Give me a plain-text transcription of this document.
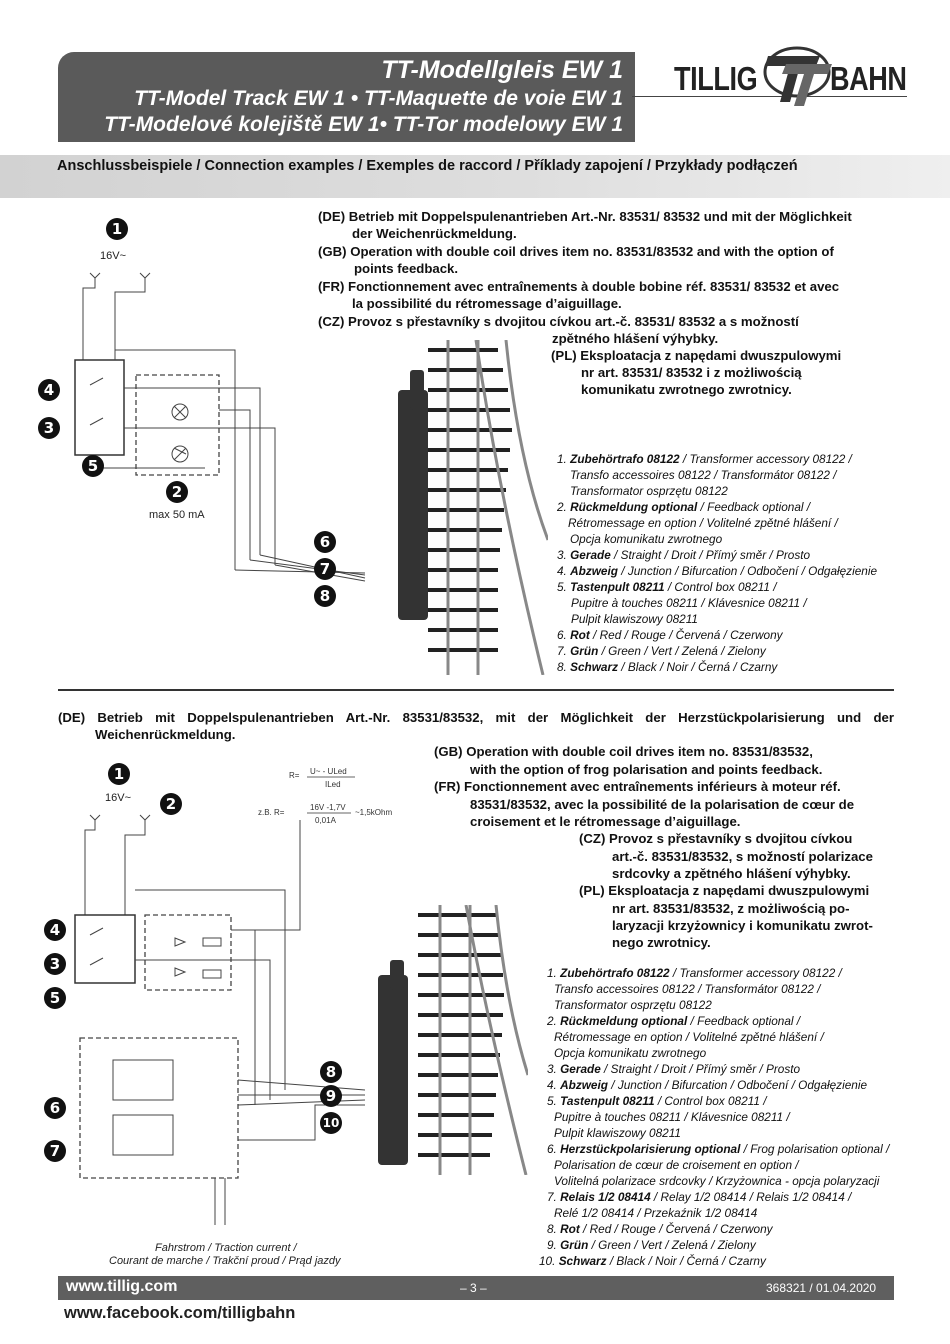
TT-Modellgleis EW 1
TT-Model Track EW 1 • TT-Maquette de voie EW 1
TT-Modelové kolejiště EW 1• TT-Tor modelowy EW 1
TILLIG BAHN
Anschlussbeispiele / Connection examples / Exemples de raccord / Příklady zapojení / Przykłady podłączeń
(DE) Betrieb mit Doppelspulenantrieben Art.-Nr. 83531/ 83532 und mit der Möglichkeit
der Weichenrückmeldung.
(GB) Operation with double coil drives item no. 83531/83532 and with the option of
points feedback.
(FR) Fonctionnement avec entraînements à double bobine réf. 83531/ 83532 et avec
la possibilité du rétromessage d’aiguillage.
(CZ) Provoz s přestavníky s dvojitou cívkou art.-č. 83531/ 83532 a s možností
zpětného hlášení výhybky.
(PL) Eksploatacja z napędami dwuszpulowymi
nr art. 83531/ 83532 i z możliwością
komunikatu zwrotnego zwrotnicy.
16V~
max 50 mA
1
4
3
5
2
6
7
8
1. Zubehörtrafo 08122 / Transformer accessory 08122 /
Transfo accessoires 08122 / Transformátor 08122 /
Transformator osprzętu 08122
2. Rückmeldung optional / Feedback optional /
Rétromessage en option / Volitelné zpětné hlášení /
Opcja komunikatu zwrotnego
3. Gerade / Straight / Droit / Přímý směr / Prosto
4. Abzweig / Junction / Bifurcation / Odbočení / Odgałęzienie
5. Tastenpult 08211 / Control box 08211 /
Pupitre à touches 08211 / Klávesnice 08211 /
Pulpit klawiszowy 08211
6. Rot / Red / Rouge / Červená / Czerwony
7. Grün / Green / Vert / Zelená / Zielony
8. Schwarz / Black / Noir / Černá / Czarny
(DE) Betrieb mit Doppelspulenantrieben Art.-Nr. 83531/83532, mit der Möglichkeit der Herzstückpolarisierung und der
Weichenrückmeldung.
(GB) Operation with double coil drives item no. 83531/83532,
with the option of frog polarisation and points feedback.
(FR) Fonctionnement avec entraînements inférieurs à moteur réf.
83531/83532, avec la possibilité de la polarisation de cœur de
croisement et le rétromessage d’aiguillage.
(CZ) Provoz s přestavníky s dvojitou cívkou
art.-č. 83531/83532, s možností polarizace
srdcovky a zpětného hlášení výhybky.
(PL) Eksploatacja z napędami dwuszpulowymi
nr art. 83531/83532, z możliwością po-
laryzacji krzyżownicy i komunikatu zwrot-
nego zwrotnicy.
16V~
R= U~ - ULed
ILed
z.B. R=
16V -1,7V
0,01A
~1,5kOhm
1
2
4
3
5
6
7
8
9
10
Fahrstrom / Traction current /
Courant de marche / Trakční proud / Prąd jazdy
1. Zubehörtrafo 08122 / Transformer accessory 08122 /
Transfo accessoires 08122 / Transformátor 08122 /
Transformator osprzętu 08122
2. Rückmeldung optional / Feedback optional /
Rétromessage en option / Volitelné zpětné hlášení /
Opcja komunikatu zwrotnego
3. Gerade / Straight / Droit / Přímý směr / Prosto
4. Abzweig / Junction / Bifurcation / Odbočení / Odgałęzienie
5. Tastenpult 08211 / Control box 08211 /
Pupitre à touches 08211 / Klávesnice 08211 /
Pulpit klawiszowy 08211
6. Herzstückpolarisierung optional / Frog polarisation optional /
Polarisation de cœur de croisement en option /
Volitelná polarizace srdcovky / Krzyżownica - opcja polaryzacji
7. Relais 1/2 08414 / Relay 1/2 08414 / Relais 1/2 08414 /
Relé 1/2 08414 / Przekaźnik 1/2 08414
8. Rot / Red / Rouge / Červená / Czerwony
9. Grün / Green / Vert / Zelená / Zielony
10. Schwarz / Black / Noir / Černá / Czarny
www.tillig.com	– 3 –	368321 / 01.04.2020
www.facebook.com/tilligbahn
